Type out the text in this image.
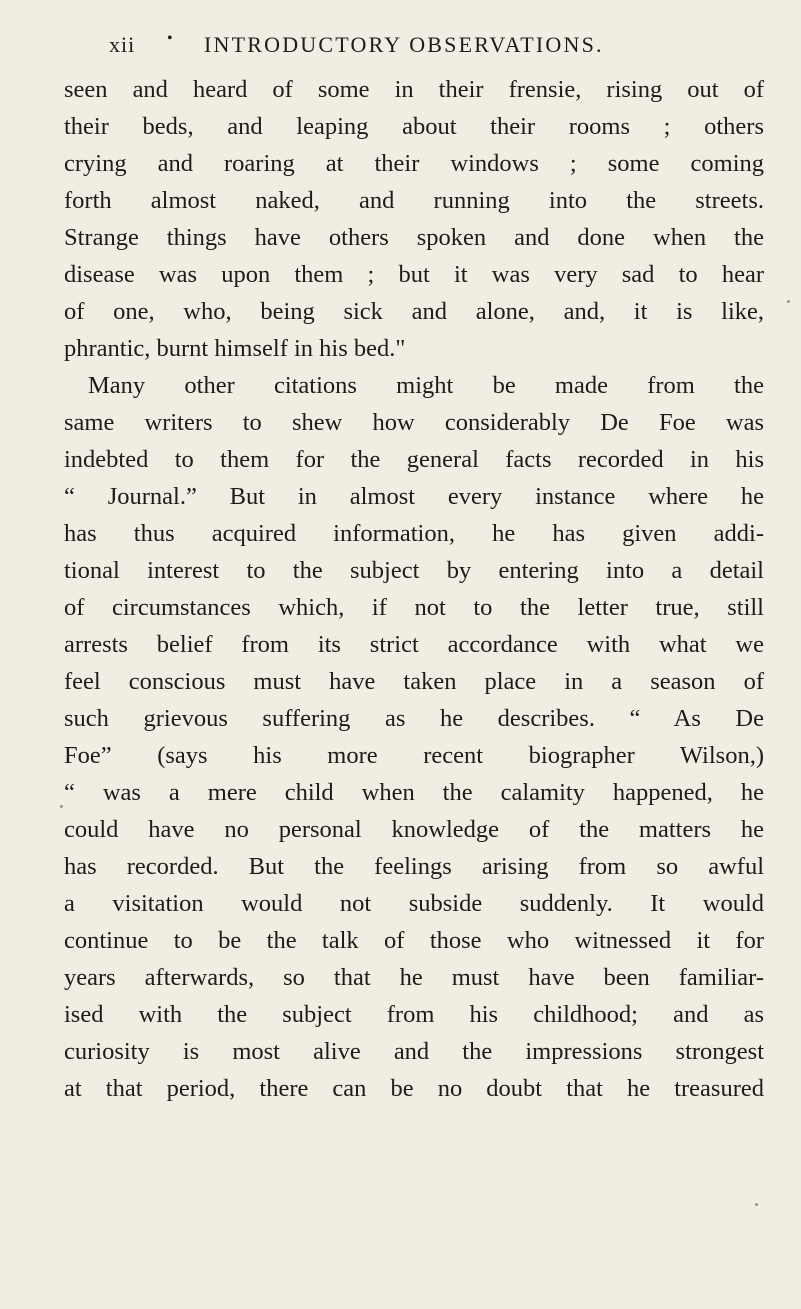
xii • INTRODUCTORY OBSERVATIONS.
seen and heard of some in their frensie, rising out of
their beds, and leaping about their rooms ; others
crying and roaring at their windows ; some coming
forth almost naked, and running into the streets.
Strange things have others spoken and done when the
disease was upon them ; but it was very sad to hear
of one, who, being sick and alone, and, it is like,
phrantic, burnt himself in his bed."
Many other citations might be made from the
same writers to shew how considerably De Foe was
indebted to them for the general facts recorded in his
“ Journal.” But in almost every instance where he
has thus acquired information, he has given addi-
tional interest to the subject by entering into a detail
of circumstances which, if not to the letter true, still
arrests belief from its strict accordance with what we
feel conscious must have taken place in a season of
such grievous suffering as he describes. “ As De
Foe” (says his more recent biographer Wilson,)
“ was a mere child when the calamity happened, he
could have no personal knowledge of the matters he
has recorded. But the feelings arising from so awful
a visitation would not subside suddenly. It would
continue to be the talk of those who witnessed it for
years afterwards, so that he must have been familiar-
ised with the subject from his childhood; and as
curiosity is most alive and the impressions strongest
at that period, there can be no doubt that he treasured
